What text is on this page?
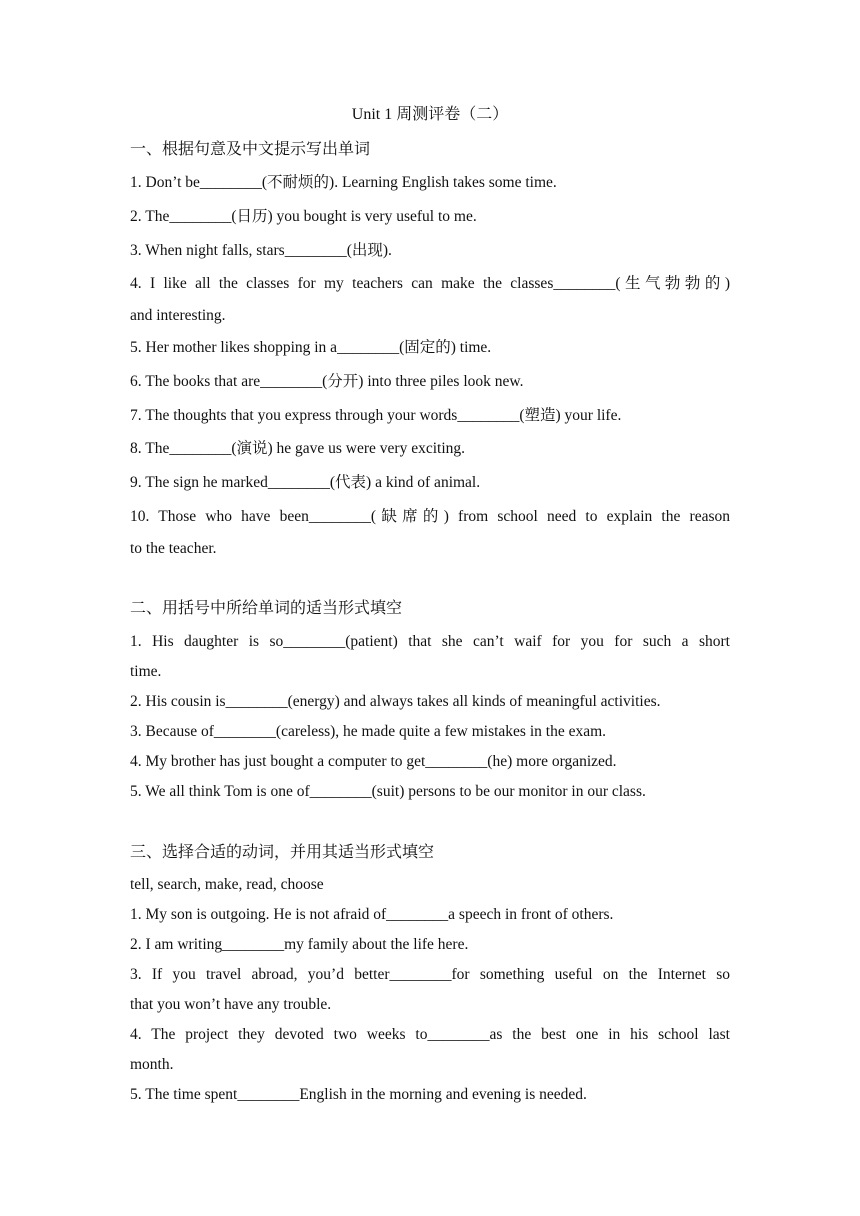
Unit 1 周测评卷（二）
一、根据句意及中文提示写出单词
1. Don’t be________(不耐烦的). Learning English takes some time.
2. The________(日历) you bought is very useful to me.
3. When night falls, stars________(出现).
4. I like all the classes for my teachers can make the classes________(生气勃勃的)
and interesting.
5. Her mother likes shopping in a________(固定的) time.
6. The books that are________(分开) into three piles look new.
7. The thoughts that you express through your words________(塑造) your life.
8. The________(演说) he gave us were very exciting.
9. The sign he marked________(代表) a kind of animal.
10. Those who have been________(缺席的) from school need to explain the reason
to the teacher.
二、用括号中所给单词的适当形式填空
1. His daughter is so________(patient) that she can’t waif for you for such a short
time.
2. His cousin is________(energy) and always takes all kinds of meaningful activities.
3. Because of________(careless), he made quite a few mistakes in the exam.
4. My brother has just bought a computer to get________(he) more organized.
5. We all think Tom is one of________(suit) persons to be our monitor in our class.
三、选择合适的动词，并用其适当形式填空
tell, search, make, read, choose
1. My son is outgoing. He is not afraid of________a speech in front of others.
2. I am writing________my family about the life here.
3. If you travel abroad, you’d better________for something useful on the Internet so
that you won’t have any trouble.
4. The project they devoted two weeks to________as the best one in his school last
month.
5. The time spent________English in the morning and evening is needed.
